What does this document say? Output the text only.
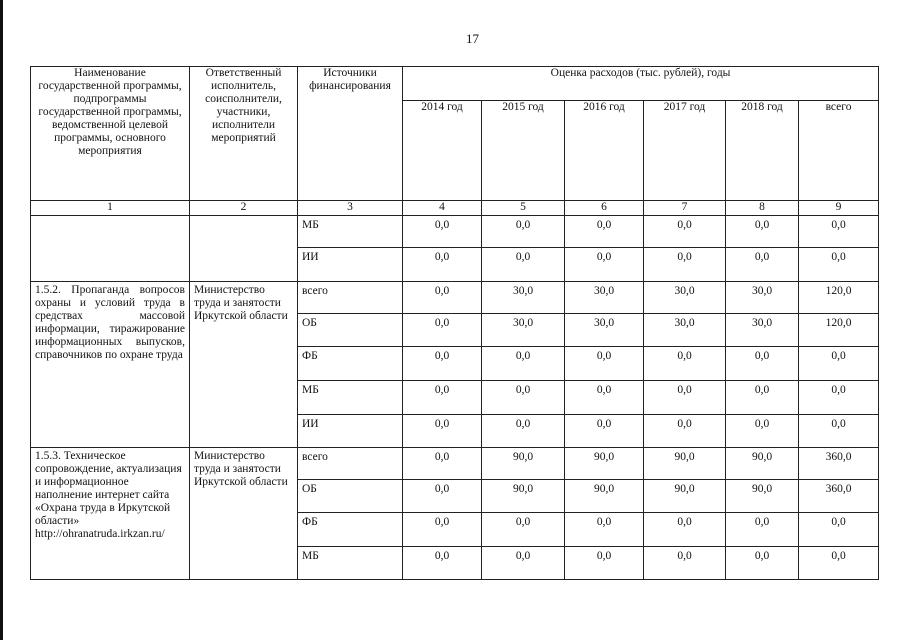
17
Наименование государственной программы, подпрограммы государственной программы, ведомственной целевой программы, основного мероприятия	Ответственный исполнитель, соисполнители, участники, исполнители мероприятий	Источники финансирования	Оценка расходов (тыс. рублей), годы					
			2014 год	2015 год	2016 год	2017 год	2018 год	всего
1	2	3	4	5	6	7	8	9
		МБ	0,0	0,0	0,0	0,0	0,0	0,0
		ИИ	0,0	0,0	0,0	0,0	0,0	0,0
1.5.2. Пропаганда вопросов охраны и условий труда в средствах массовой информации, тиражирование информационных выпусков, справочников по охране труда	Министерство труда и занятости Иркутской области	всего	0,0	30,0	30,0	30,0	30,0	120,0
		ОБ	0,0	30,0	30,0	30,0	30,0	120,0
		ФБ	0,0	0,0	0,0	0,0	0,0	0,0
		МБ	0,0	0,0	0,0	0,0	0,0	0,0
		ИИ	0,0	0,0	0,0	0,0	0,0	0,0
1.5.3. Техническое сопровождение, актуализация и информационное наполнение интернет сайта «Охрана труда в Иркутской области» http://ohranatruda.irkzan.ru/	Министерство труда и занятости Иркутской области	всего	0,0	90,0	90,0	90,0	90,0	360,0
		ОБ	0,0	90,0	90,0	90,0	90,0	360,0
		ФБ	0,0	0,0	0,0	0,0	0,0	0,0
		МБ	0,0	0,0	0,0	0,0	0,0	0,0
